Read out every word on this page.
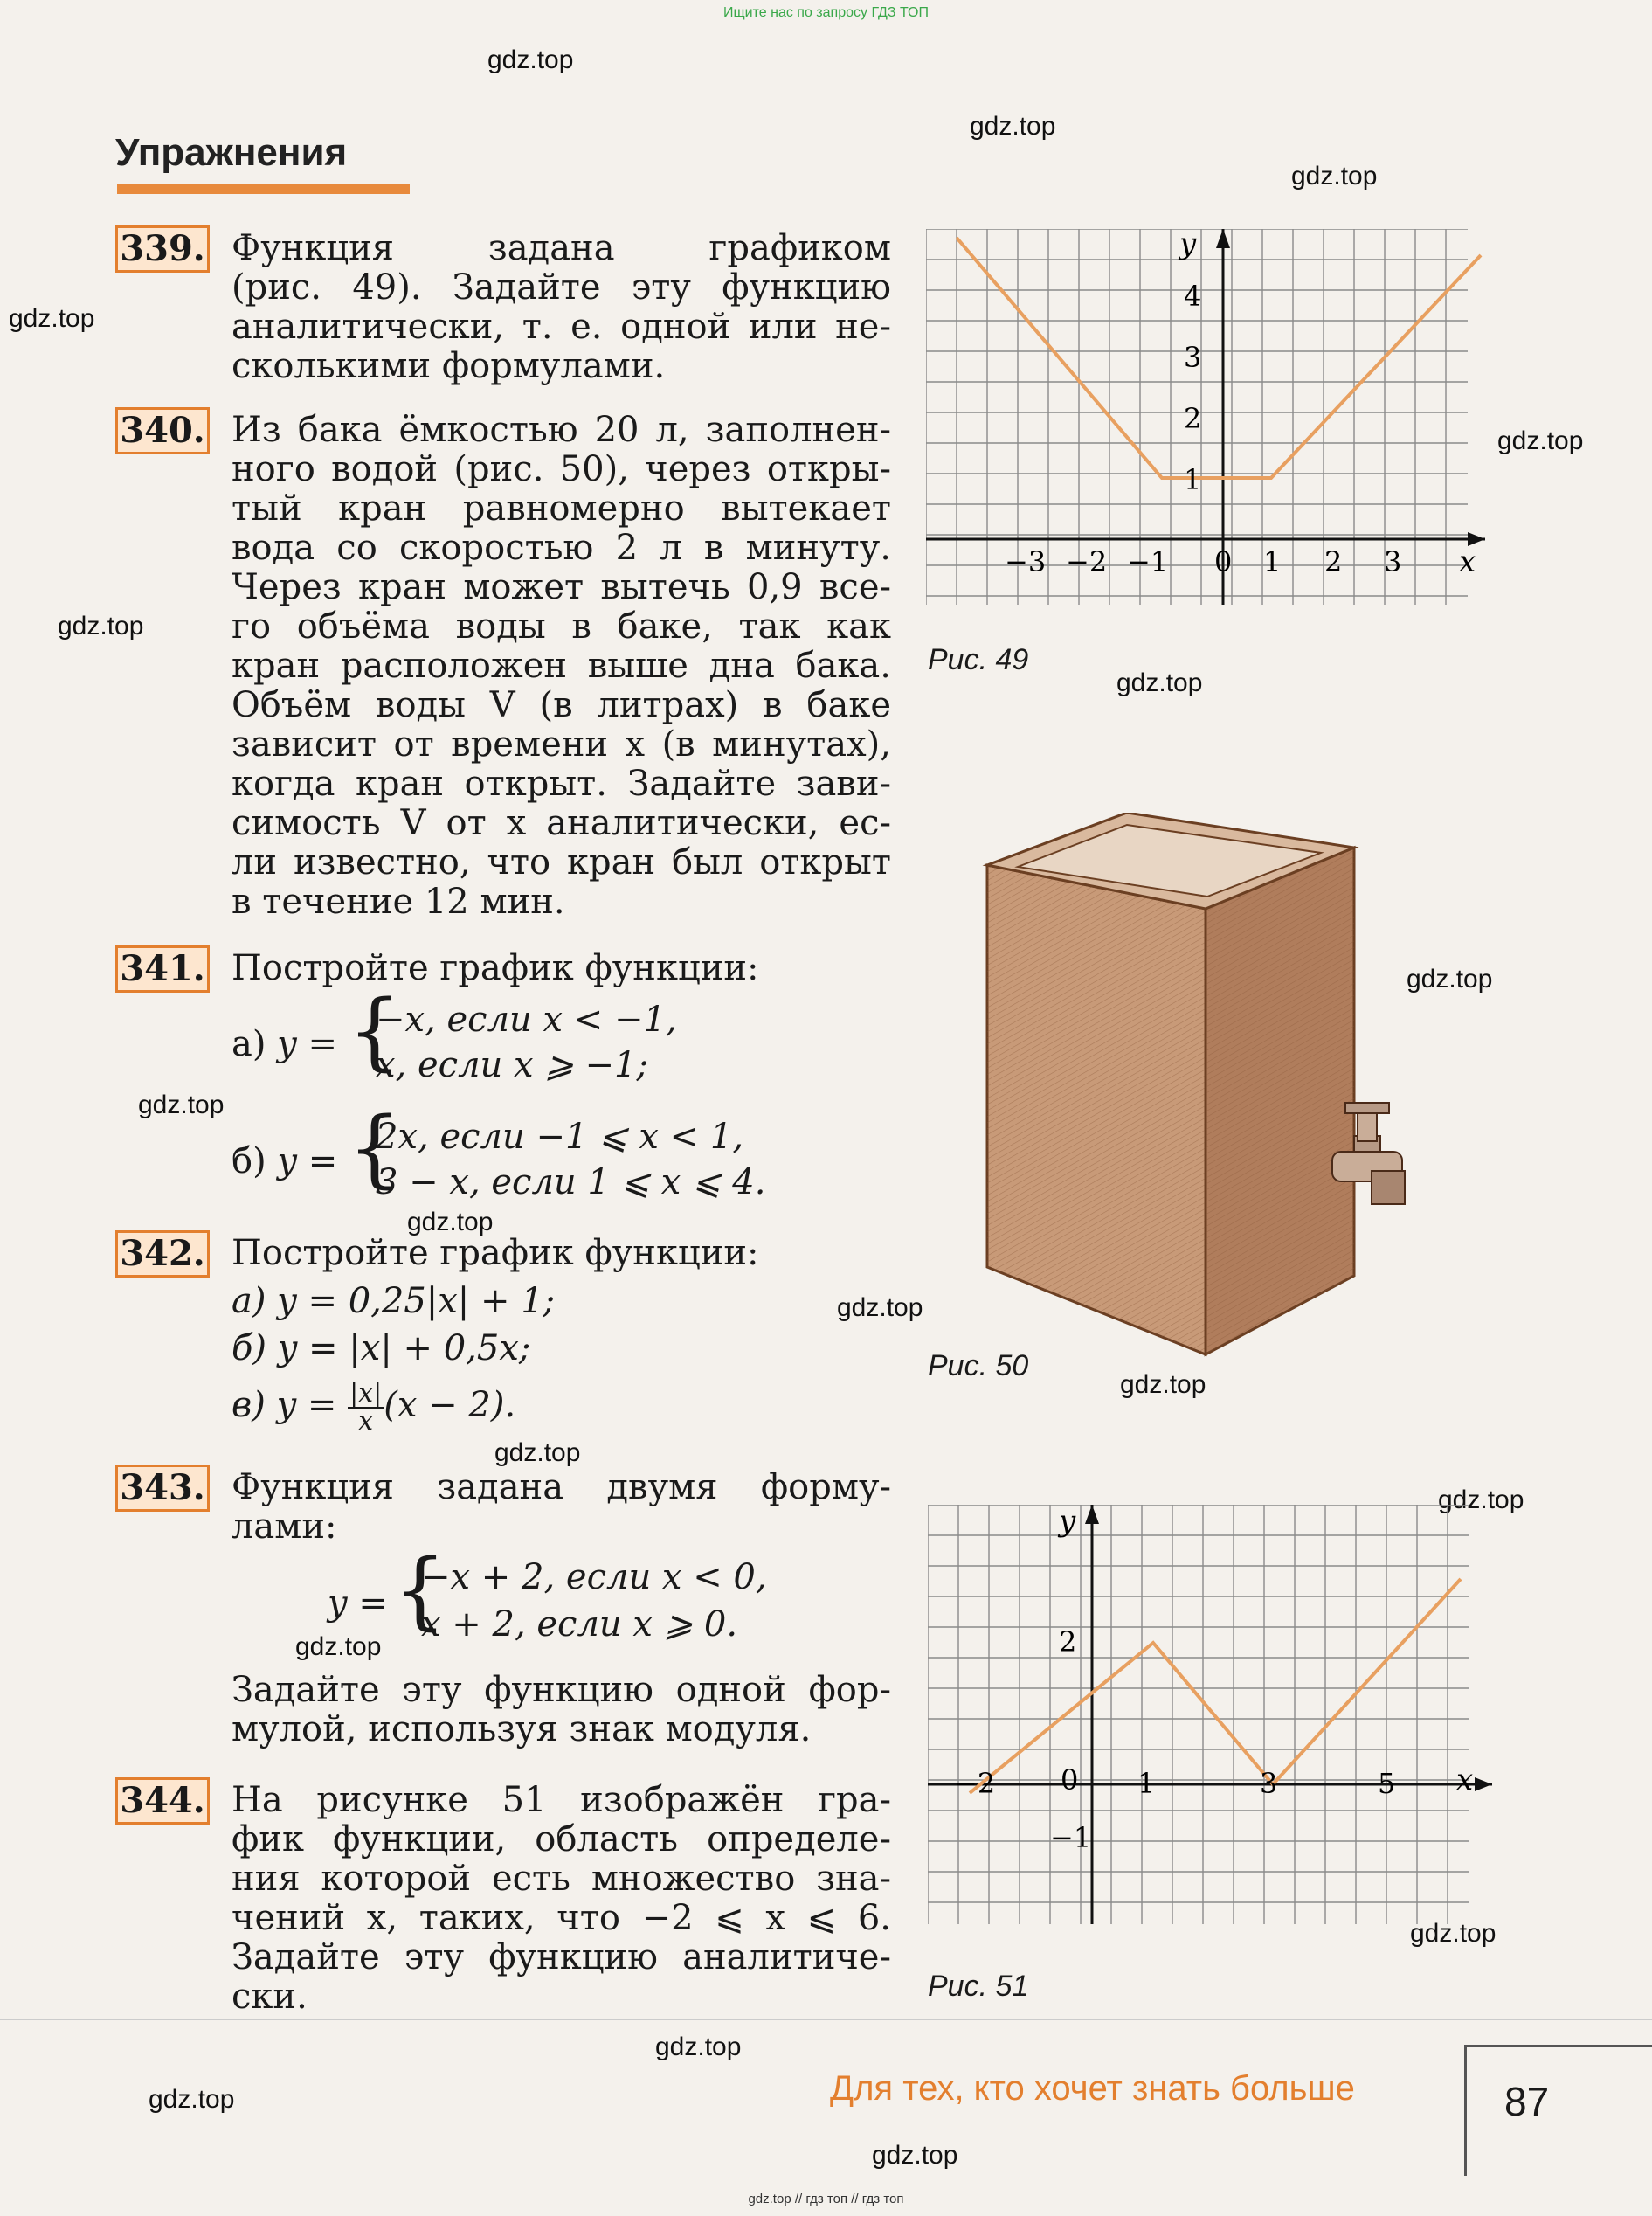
Ищите нас по запросу ГДЗ ТОП
gdz.top
gdz.top
gdz.top
gdz.top
gdz.top
gdz.top
gdz.top
gdz.top
gdz.top
gdz.top
gdz.top
gdz.top
gdz.top
gdz.top
gdz.top
gdz.top
gdz.top
gdz.top
gdz.top
Упражнения
339. Функция задана графиком
(рис. 49). Задайте эту функцию
аналитически, т. е. одной или не-
сколькими формулами.
340. Из бака ёмкостью 20 л, заполнен-
ного водой (рис. 50), через откры-
тый кран равномерно вытекает
вода со скоростью 2 л в минуту.
Через кран может вытечь 0,9 все-
го объёма воды в баке, так как
кран расположен выше дна бака.
Объём воды V (в литрах) в баке
зависит от времени x (в минутах),
когда кран открыт. Задайте зави-
симость V от x аналитически, ес-
ли известно, что кран был открыт
в течение 12 мин.
341. Постройте график функции:
а) y = {
−x, если x < −1,
x, если x ⩾ −1;
б) y = {
2x, если −1 ⩽ x < 1,
3 − x, если 1 ⩽ x ⩽ 4.
342. Постройте график функции:
а) y = 0,25|x| + 1;
б) y = |x| + 0,5x;
в) $y = \frac{|x|}{x} (x - 2)$.
343. Функция задана двумя форму-
лами:
y = {
−x + 2, если x < 0,
x + 2, если x ⩾ 0.
Задайте эту функцию одной фор-
мулой, используя знак модуля.
344. На рисунке 51 изображён гра-
фик функции, область определе-
ния которой есть множество зна-
чений x, таких, что −2 ⩽ x ⩽ 6.
Задайте эту функцию аналитиче-
ски.
y
x
−3 −2 −1 0 1 2 3
1
2
3
4
Рис. 49
Рис. 50
y
x
−2 0 1	3	5
2
−1
Рис. 51
Для тех, кто хочет знать больше	87
gdz.top // гдз топ // гдз топ
